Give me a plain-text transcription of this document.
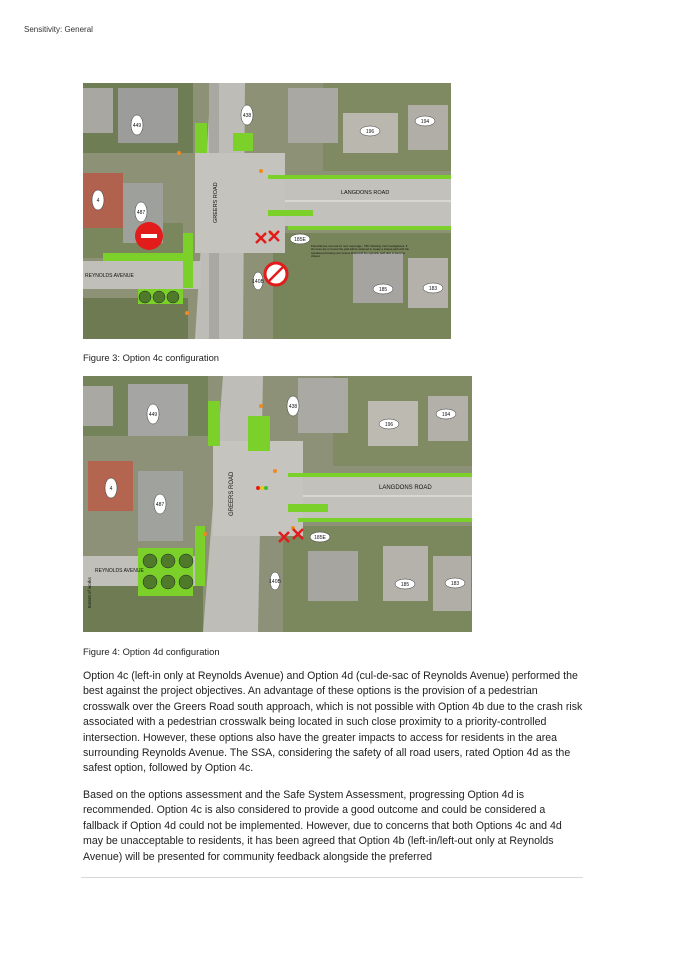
Sensitivity: General
449
438
196
194
4
487
185E
185	183
140B
GREERS ROAD	LANGDONS ROAD
REYNOLDS AVENUE
Potential tree removal for new road edge - TBC following trial investigations. If the trees are removed the path will be widened to create a shared path with the signalised crossing over Greers Road and the opposite path also to become shared.
Figure 3: Option 4c configuration
449
438
196
194
4
487
185E
185	183
140B
GREERS ROAD	LANGDONS ROAD
REYNOLDS AVENUE
Extent of works
Figure 4: Option 4d configuration

Option 4c (left-in only at Reynolds Avenue) and Option 4d (cul-de-sac of Reynolds Avenue) performed the best against the project objectives. An advantage of these options is the provision of a pedestrian crosswalk over the Greers Road south approach, which is not possible with Option 4b due to the crash risk associated with a pedestrian crosswalk being located in such close proximity to a priority-controlled intersection. However, these options also have the greater impacts to access for residents in the area surrounding Reynolds Avenue. The SSA, considering the safety of all road users, rated Option 4d as the safest option, followed by Option 4c.

Based on the options assessment and the Safe System Assessment, progressing Option 4d is recommended. Option 4c is also considered to provide a good outcome and could be considered a fallback if Option 4d could not be implemented. However, due to concerns that both Options 4c and 4d may be unacceptable to residents, it has been agreed that Option 4b (left-in/left-out only at Reynolds Avenue) will be presented for community feedback alongside the preferred
